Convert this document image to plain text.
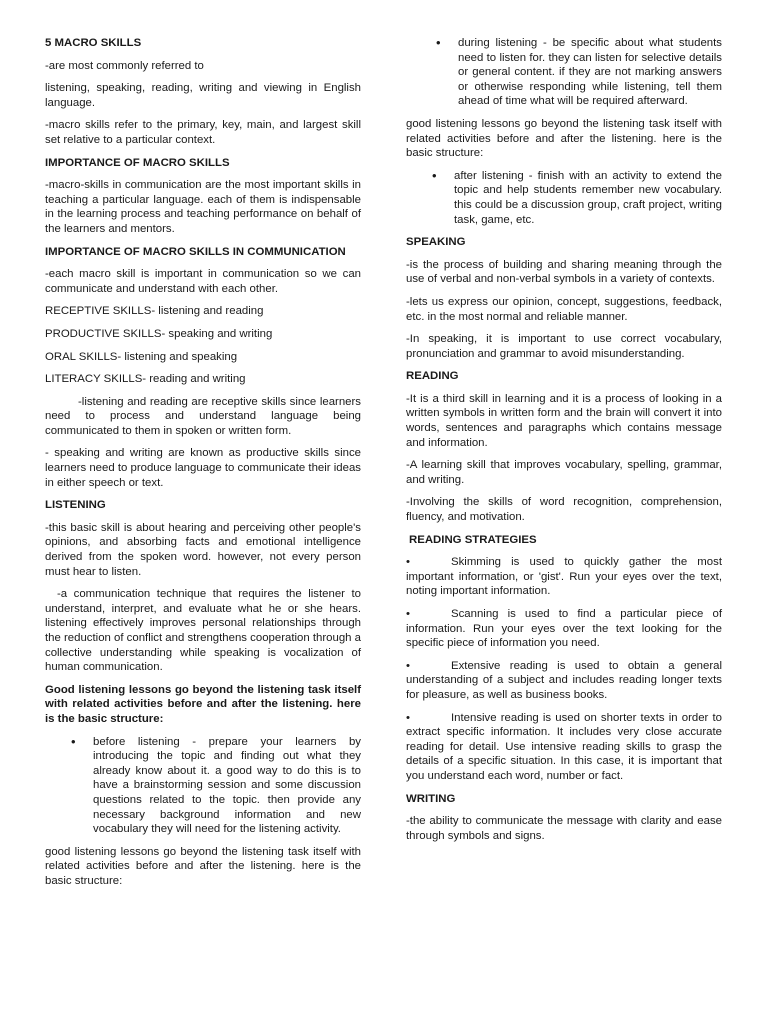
5 MACRO SKILLS

-are most commonly referred to

listening, speaking, reading, writing and viewing in English language.

-macro skills refer to the primary, key, main, and largest skill set relative to a particular context.

IMPORTANCE OF MACRO SKILLS

-macro-skills in communication are the most important skills in teaching a particular language. each of them is indispensable in the learning process and teaching performance on behalf of the learners and mentors.

IMPORTANCE OF MACRO SKILLS IN COMMUNICATION

-each macro skill is important in communication so we can communicate and understand with each other.

RECEPTIVE SKILLS- listening and reading

PRODUCTIVE SKILLS- speaking and writing

ORAL SKILLS- listening and speaking

LITERACY SKILLS- reading and writing

-listening and reading are receptive skills since learners need to process and understand language being communicated to them in spoken or written form.

- speaking and writing are known as productive skills since learners need to produce language to communicate their ideas in either speech or text.

LISTENING

-this basic skill is about hearing and perceiving other people's opinions, and absorbing facts and emotional intelligence derived from the spoken word. however, not every person must hear to listen.

-a communication technique that requires the listener to understand, interpret, and evaluate what he or she hears. listening effectively improves personal relationships through the reduction of conflict and strengthens cooperation through a collective understanding while speaking is vocalization of human communication.

Good listening lessons go beyond the listening task itself with related activities before and after the listening. here is the basic structure:

• before listening - prepare your learners by introducing the topic and finding out what they already know about it. a good way to do this is to have a brainstorming session and some discussion questions related to the topic. then provide any necessary background information and new vocabulary they will need for the listening activity.

good listening lessons go beyond the listening task itself with related activities before and after the listening. here is the basic structure:

• during listening - be specific about what students need to listen for. they can listen for selective details or general content. if they are not marking answers or otherwise responding while listening, tell them ahead of time what will be required afterward.

good listening lessons go beyond the listening task itself with related activities before and after the listening. here is the basic structure:

• after listening - finish with an activity to extend the topic and help students remember new vocabulary. this could be a discussion group, craft project, writing task, game, etc.
SPEAKING

-is the process of building and sharing meaning through the use of verbal and non-verbal symbols in a variety of contexts.

-lets us express our opinion, concept, suggestions, feedback, etc. in the most normal and reliable manner.

-In speaking, it is important to use correct vocabulary, pronunciation and grammar to avoid misunderstanding.

READING

-It is a third skill in learning and it is a process of looking in a written symbols in written form and the brain will convert it into words, sentences and paragraphs which contains message and information.

-A learning skill that improves vocabulary, spelling, grammar, and writing.

-Involving the skills of word recognition, comprehension, fluency, and motivation.

READING STRATEGIES

•	Skimming is used to quickly gather the most important information, or 'gist'. Run your eyes over the text, noting important information.

•	Scanning is used to find a particular piece of information. Run your eyes over the text looking for the specific piece of information you need.

•	Extensive reading is used to obtain a general understanding of a subject and includes reading longer texts for pleasure, as well as business books.

•	Intensive reading is used on shorter texts in order to extract specific information. It includes very close accurate reading for detail. Use intensive reading skills to grasp the details of a specific situation. In this case, it is important that you understand each word, number or fact.

WRITING

-the ability to communicate the message with clarity and ease through symbols and signs.
